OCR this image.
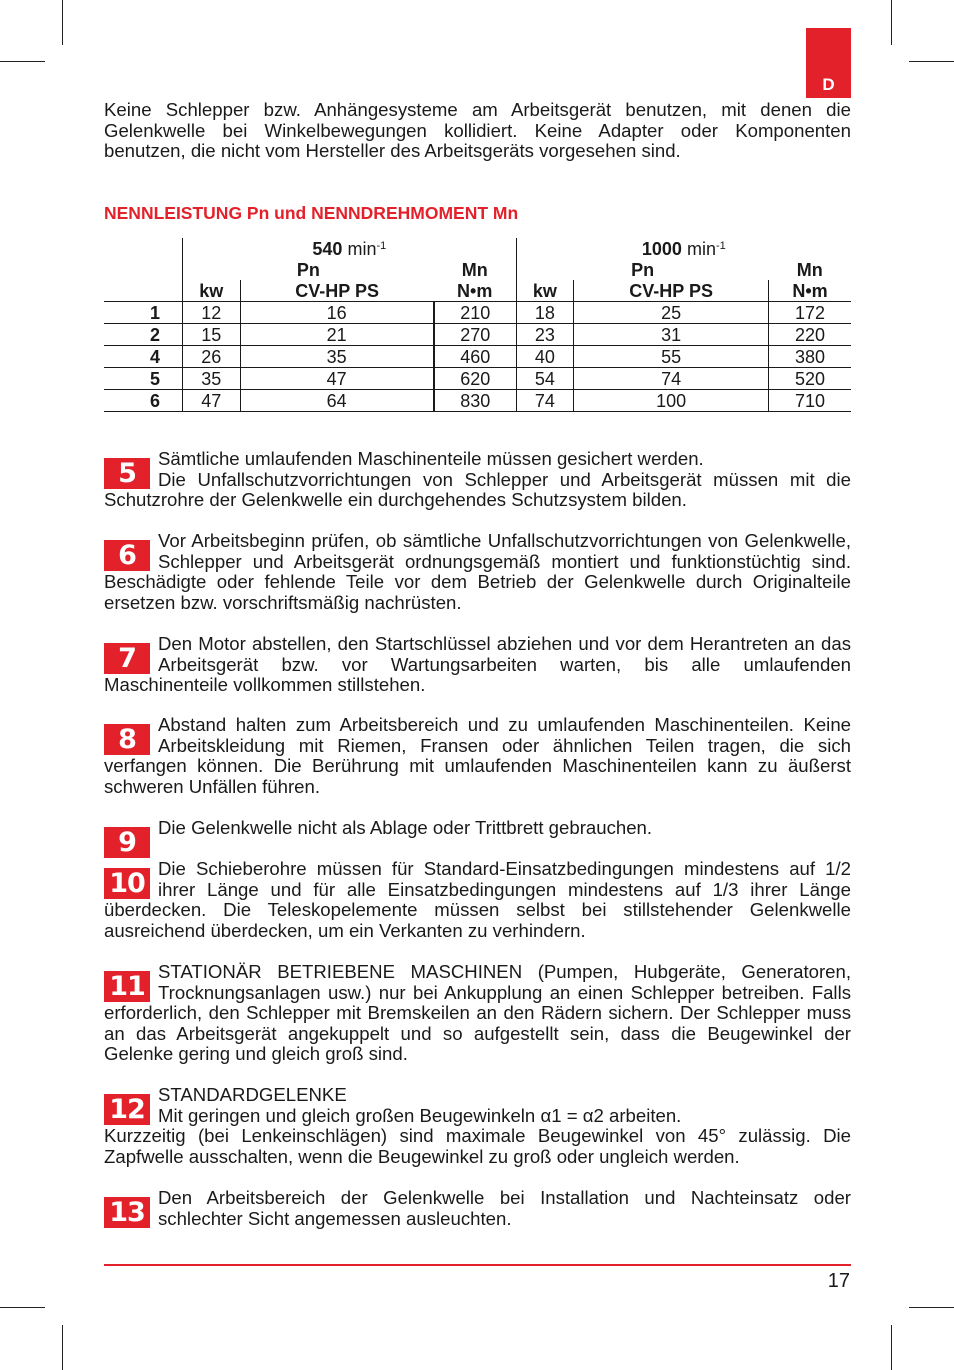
D

Keine Schlepper bzw. Anhängesysteme am Arbeitsgerät benutzen, mit denen die Gelenkwelle bei Winkelbewegungen kollidiert. Keine Adapter oder Komponenten benutzen, die nicht vom Hersteller des Arbeitsgeräts vorgesehen sind.

NENNLEISTUNG Pn und NENNDREHMOMENT Mn
	540 $\min^{-1}$			1000 $\min^{-1}$
	Pn		Mn	Pn		Mn
	kw	CV-HP PS	N•m	kw	CV-HP PS	N•m
1	12	16	210	18	25	172
2	15	21	270	23	31	220
4	26	35	460	40	55	380
5	35	47	620	54	74	520
6	47	64	830	74	100	710
5	Sämtliche umlaufenden Maschinenteile müssen gesichert werden.
Die Unfallschutzvorrichtungen von Schlepper und Arbeitsgerät müssen mit die Schutzrohre der Gelenkwelle ein durchgehendes Schutzsystem bilden.

6	Vor Arbeitsbeginn prüfen, ob sämtliche Unfallschutzvorrichtungen von Gelenkwelle, Schlepper und Arbeitsgerät ordnungsgemäß montiert und funktionstüchtig sind. Beschädigte oder fehlende Teile vor dem Betrieb der Gelenkwelle durch Originalteile ersetzen bzw. vorschriftsmäßig nachrüsten.

7	Den Motor abstellen, den Startschlüssel abziehen und vor dem Herantreten an das Arbeitsgerät bzw. vor Wartungsarbeiten warten, bis alle umlaufenden Maschinenteile vollkommen stillstehen.

8	Abstand halten zum Arbeitsbereich und zu umlaufenden Maschinenteilen. Keine Arbeitskleidung mit Riemen, Fransen oder ähnlichen Teilen tragen, die sich verfangen können. Die Berührung mit umlaufenden Maschinenteilen kann zu äußerst schweren Unfällen führen.

9	Die Gelenkwelle nicht als Ablage oder Trittbrett gebrauchen.

10 Die Schieberohre müssen für Standard-Einsatzbedingungen mindestens auf 1/2 ihrer Länge und für alle Einsatzbedingungen mindestens auf 1/3 ihrer Länge überdecken. Die Teleskopelemente müssen selbst bei stillstehender Gelenkwelle ausreichend überdecken, um ein Verkanten zu verhindern.

11 STATIONÄR BETRIEBENE MASCHINEN (Pumpen, Hubgeräte, Generatoren, Trocknungsanlagen usw.) nur bei Ankupplung an einen Schlepper betreiben. Falls erforderlich, den Schlepper mit Bremskeilen an den Rädern sichern. Der Schlepper muss an das Arbeitsgerät angekuppelt und so aufgestellt sein, dass die Beugewinkel der Gelenke gering und gleich groß sind.

12 STANDARDGELENKE
Mit geringen und gleich großen Beugewinkeln α1 = α2 arbeiten.
Kurzzeitig (bei Lenkeinschlägen) sind maximale Beugewinkel von 45° zulässig. Die Zapfwelle ausschalten, wenn die Beugewinkel zu groß oder ungleich werden.

13 Den Arbeitsbereich der Gelenkwelle bei Installation und Nachteinsatz oder schlechter Sicht angemessen ausleuchten.

17
